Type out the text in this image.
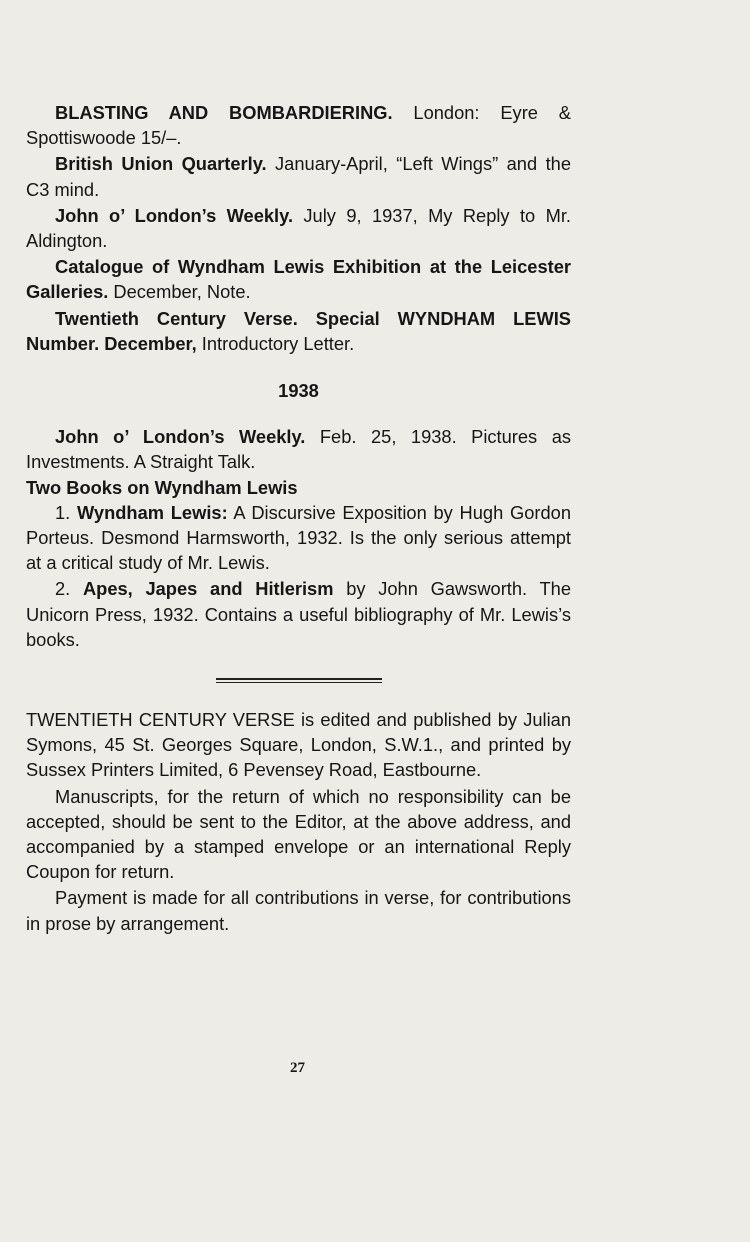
BLASTING AND BOMBARDIERING. London: Eyre & Spottiswoode 15/–.

British Union Quarterly. January-April, “Left Wings” and the C3 mind.

John o’ London’s Weekly. July 9, 1937, My Reply to Mr. Aldington.

Catalogue of Wyndham Lewis Exhibition at the Leicester Galleries. December, Note.

Twentieth Century Verse. Special WYNDHAM LEWIS Number. December, Introductory Letter.

1938

John o’ London’s Weekly. Feb. 25, 1938. Pictures as Investments. A Straight Talk.

Two Books on Wyndham Lewis

1. Wyndham Lewis: A Discursive Exposition by Hugh Gordon Porteus. Desmond Harmsworth, 1932. Is the only serious attempt at a critical study of Mr. Lewis.

2. Apes, Japes and Hitlerism by John Gawsworth. The Unicorn Press, 1932. Contains a useful bibliography of Mr. Lewis’s books.

TWENTIETH CENTURY VERSE is edited and published by Julian Symons, 45 St. Georges Square, London, S.W.1., and printed by Sussex Printers Limited, 6 Pevensey Road, Eastbourne.

Manuscripts, for the return of which no responsibility can be accepted, should be sent to the Editor, at the above address, and accompanied by a stamped envelope or an international Reply Coupon for return.

Payment is made for all contributions in verse, for contributions in prose by arrangement.

27
